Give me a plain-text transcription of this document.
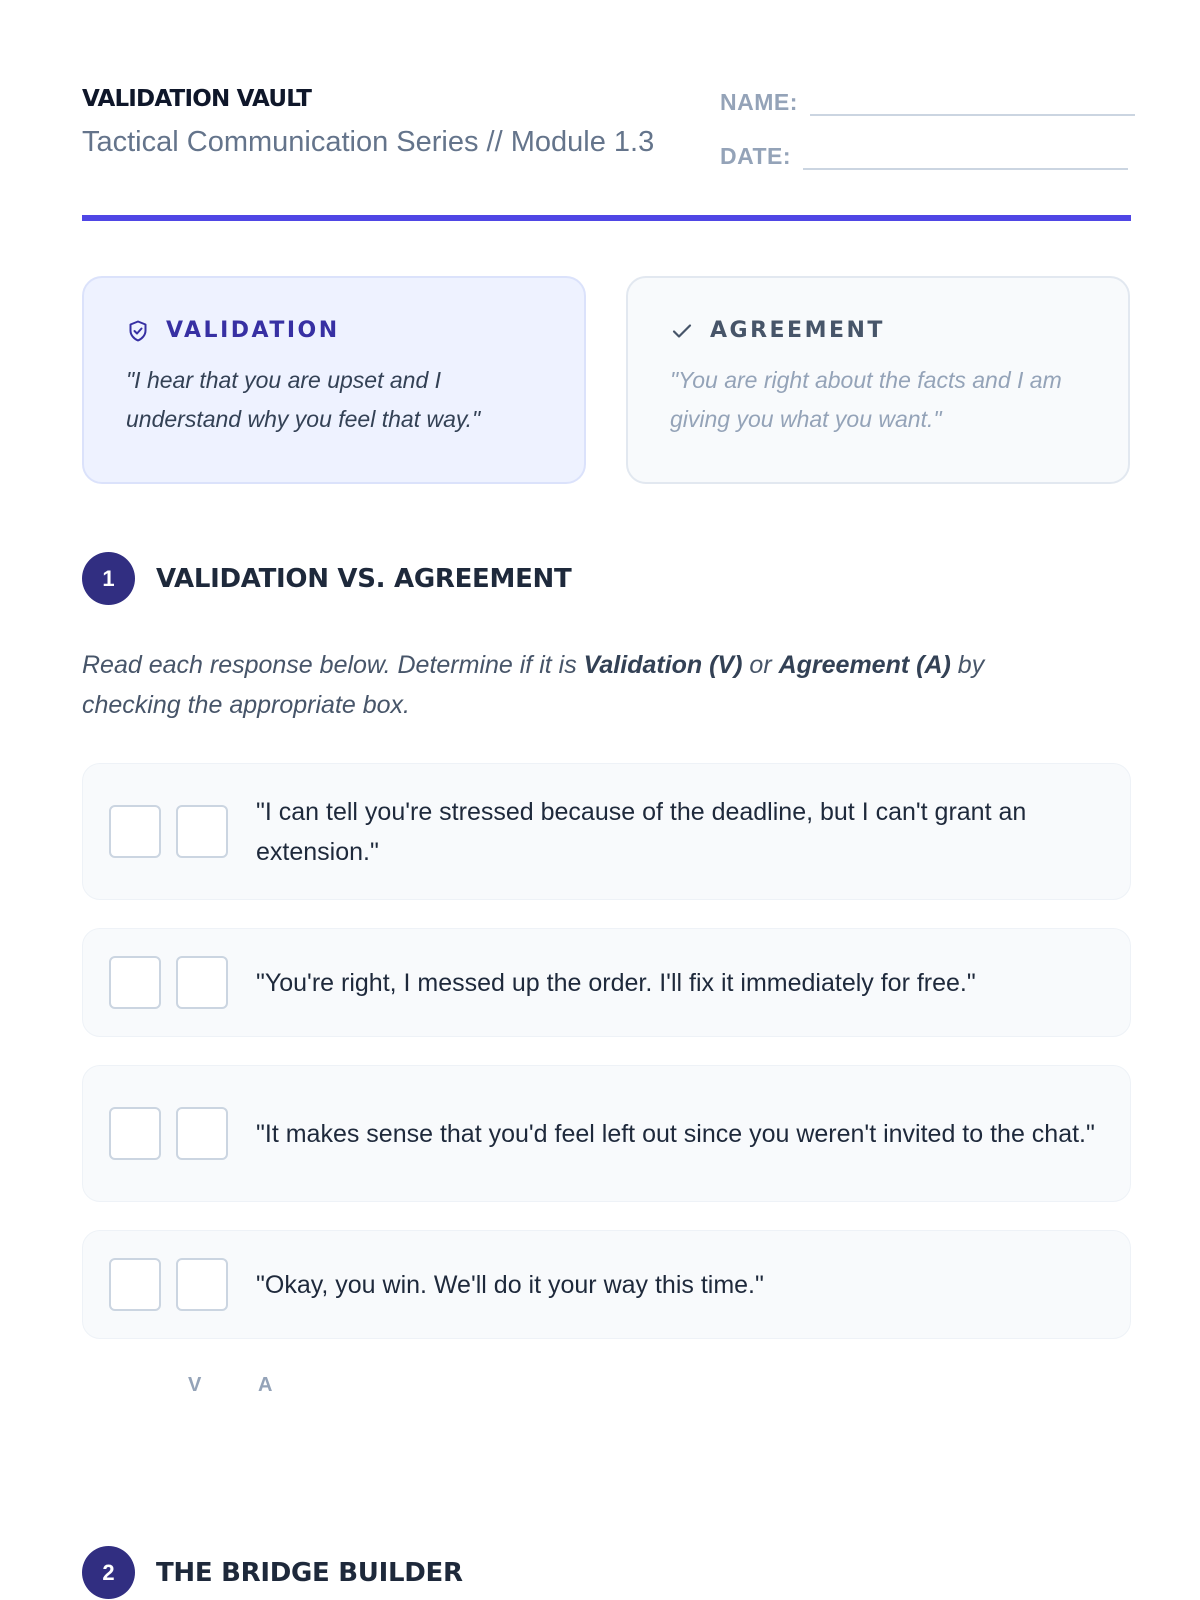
VALIDATION VAULT
Tactical Communication Series // Module 1.3
NAME:
DATE:
VALIDATION
"I hear that you are upset and I understand why you feel that way."
AGREEMENT
"You are right about the facts and I am giving you what you want."
1	VALIDATION VS. AGREEMENT
Read each response below. Determine if it is Validation (V) or Agreement (A) by checking the appropriate box.
"I can tell you're stressed because of the deadline, but I can't grant an extension."
"You're right, I messed up the order. I'll fix it immediately for free."
"It makes sense that you'd feel left out since you weren't invited to the chat."
"Okay, you win. We'll do it your way this time."
V	A
2	THE BRIDGE BUILDER
